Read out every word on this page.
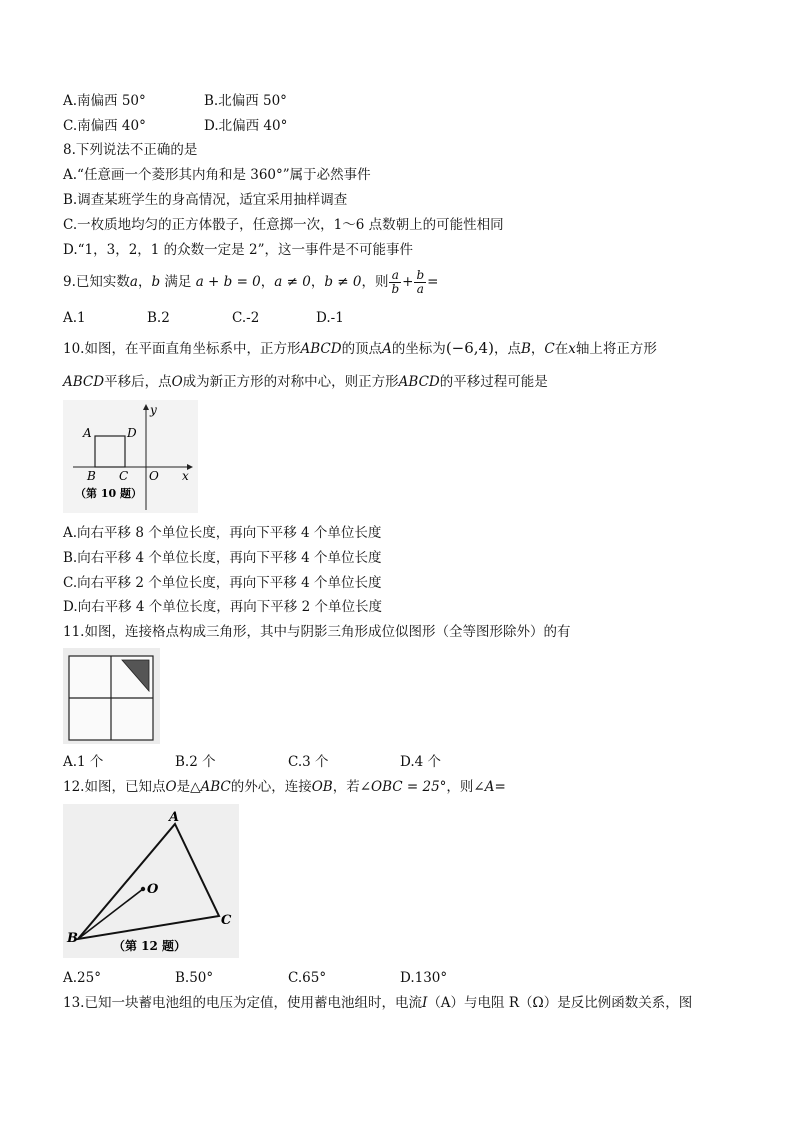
A.南偏西 50°	B.北偏西 50°
C.南偏西 40°	D.北偏西 40°
8.下列说法不正确的是
A.“任意画一个菱形其内角和是 360°”属于必然事件
B.调查某班学生的身高情况，适宜采用抽样调查
C.一枚质地均匀的正方体骰子，任意掷一次，1～6 点数朝上的可能性相同
D.“1，3，2，1 的众数一定是 2”，这一事件是不可能事件
9.已知实数a，b 满足 a + b = 0，a ≠ 0，b ≠ 0，则 $\frac{a}{b} + \frac{b}{a}$ =
A.1	B.2	C.-2	D.-1
10.如图，在平面直角坐标系中，正方形ABCD的顶点A的坐标为(−6,4)，点B，C在x轴上将正方形
ABCD平移后，点O成为新正方形的对称中心，则正方形ABCD的平移过程可能是
A	D
B C O x
y
（第 10 题）
A.向右平移 8 个单位长度，再向下平移 4 个单位长度
B.向右平移 4 个单位长度，再向下平移 4 个单位长度
C.向右平移 2 个单位长度，再向下平移 4 个单位长度
D.向右平移 4 个单位长度，再向下平移 2 个单位长度
11.如图，连接格点构成三角形，其中与阴影三角形成位似图形（全等图形除外）的有
A.1 个	B.2 个	C.3 个	D.4 个
12.如图，已知点O是△ABC的外心，连接OB，若∠OBC = 25°，则∠A=
A
C
B
O
（第 12 题）
A.25°	B.50°	C.65°	D.130°
13.已知一块蓄电池组的电压为定值，使用蓄电池组时，电流I（A）与电阻 R（Ω）是反比例函数关系，图
